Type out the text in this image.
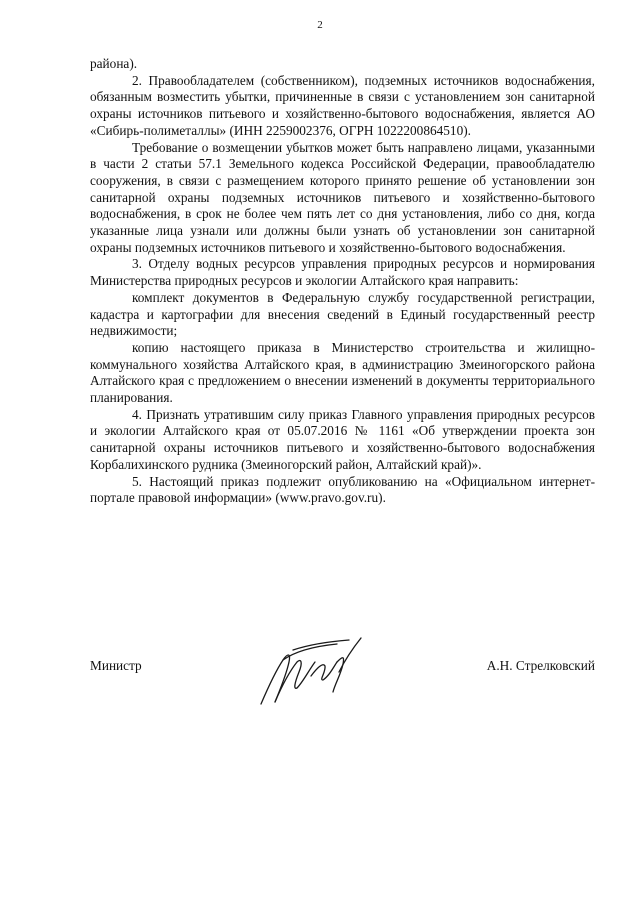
2

района).

2. Правообладателем (собственником), подземных источников водоснабжения, обязанным возместить убытки, причиненные в связи с установлением зон санитарной охраны источников питьевого и хозяйственно-бытового водоснабжения, является АО «Сибирь-полиметаллы» (ИНН 2259002376, ОГРН 1022200864510).

Требование о возмещении убытков может быть направлено лицами, указанными в части 2 статьи 57.1 Земельного кодекса Российской Федерации, правообладателю сооружения, в связи с размещением которого принято решение об установлении зон санитарной охраны подземных источников питьевого и хозяйственно-бытового водоснабжения, в срок не более чем пять лет со дня установления, либо со дня, когда указанные лица узнали или должны были узнать об установлении зон санитарной охраны подземных источников питьевого и хозяйственно-бытового водоснабжения.

3. Отделу водных ресурсов управления природных ресурсов и нормирования Министерства природных ресурсов и экологии Алтайского края направить:

комплект документов в Федеральную службу государственной регистрации, кадастра и картографии для внесения сведений в Единый государственный реестр недвижимости;

копию настоящего приказа в Министерство строительства и жилищно-коммунального хозяйства Алтайского края, в администрацию Змеиногорского района Алтайского края с предложением о внесении изменений в документы территориального планирования.

4. Признать утратившим силу приказ Главного управления природных ресурсов и экологии Алтайского края от 05.07.2016 № 1161 «Об утверждении проекта зон санитарной охраны источников питьевого и хозяйственно-бытового водоснабжения Корбалихинского рудника (Змеиногорский район, Алтайский край)».

5. Настоящий приказ подлежит опубликованию на «Официальном интернет-портале правовой информации» (www.pravo.gov.ru).

Министр	А.Н. Стрелковский
